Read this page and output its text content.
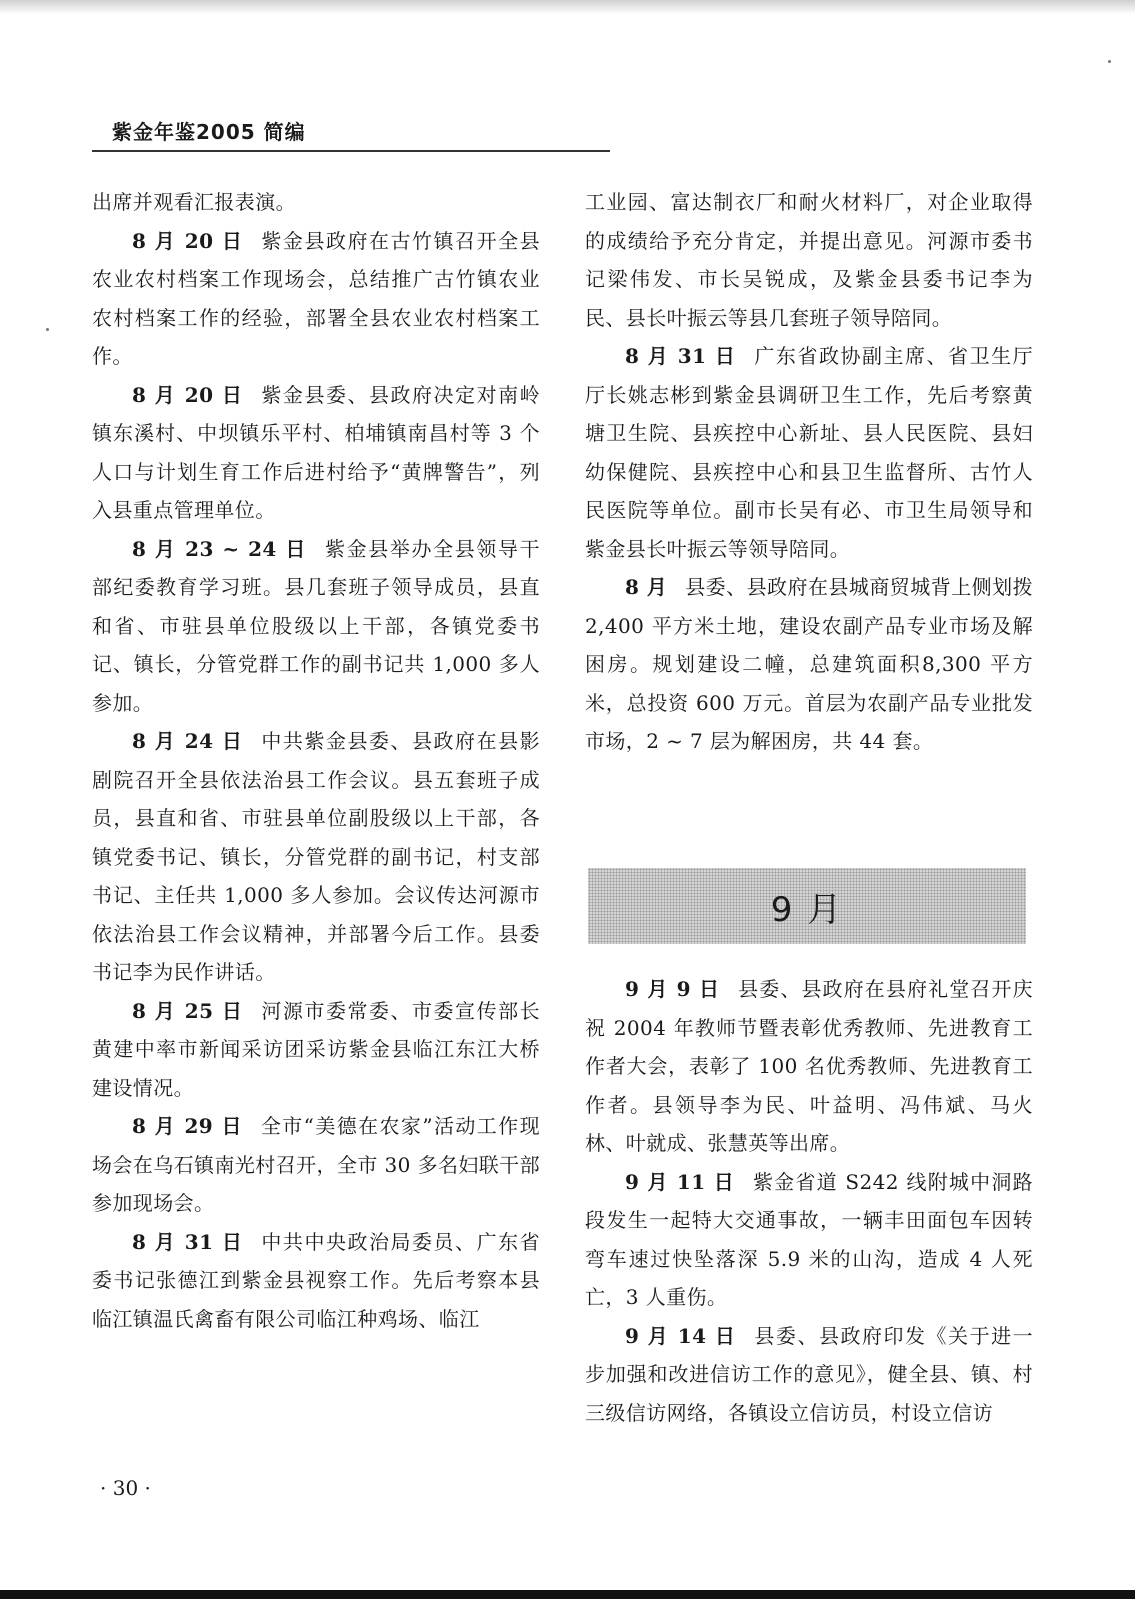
紫金年鉴2005 简编

出席并观看汇报表演。

8 月 20 日 紫金县政府在古竹镇召开全县农业农村档案工作现场会，总结推广古竹镇农业农村档案工作的经验，部署全县农业农村档案工作。

8 月 20 日 紫金县委、县政府决定对南岭镇东溪村、中坝镇乐平村、柏埔镇南昌村等 3 个人口与计划生育工作后进村给予“黄牌警告”，列入县重点管理单位。

8 月 23 ~ 24 日 紫金县举办全县领导干部纪委教育学习班。县几套班子领导成员，县直和省、市驻县单位股级以上干部，各镇党委书记、镇长，分管党群工作的副书记共 1,000 多人参加。

8 月 24 日 中共紫金县委、县政府在县影剧院召开全县依法治县工作会议。县五套班子成员，县直和省、市驻县单位副股级以上干部，各镇党委书记、镇长，分管党群的副书记，村支部书记、主任共 1,000 多人参加。会议传达河源市依法治县工作会议精神，并部署今后工作。县委书记李为民作讲话。

8 月 25 日 河源市委常委、市委宣传部长黄建中率市新闻采访团采访紫金县临江东江大桥建设情况。

8 月 29 日 全市“美德在农家”活动工作现场会在乌石镇南光村召开，全市 30 多名妇联干部参加现场会。

8 月 31 日 中共中央政治局委员、广东省委书记张德江到紫金县视察工作。先后考察本县临江镇温氏禽畜有限公司临江种鸡场、临江

工业园、富达制衣厂和耐火材料厂，对企业取得的成绩给予充分肯定，并提出意见。河源市委书记梁伟发、市长吴锐成，及紫金县委书记李为民、县长叶振云等县几套班子领导陪同。

8 月 31 日 广东省政协副主席、省卫生厅厅长姚志彬到紫金县调研卫生工作，先后考察黄塘卫生院、县疾控中心新址、县人民医院、县妇幼保健院、县疾控中心和县卫生监督所、古竹人民医院等单位。副市长吴有必、市卫生局领导和紫金县长叶振云等领导陪同。

8 月 县委、县政府在县城商贸城背上侧划拨 2,400 平方米土地，建设农副产品专业市场及解困房。规划建设二幢，总建筑面积8,300 平方米，总投资 600 万元。首层为农副产品专业批发市场，2 ~ 7 层为解困房，共 44 套。

9 月

9 月 9 日 县委、县政府在县府礼堂召开庆祝 2004 年教师节暨表彰优秀教师、先进教育工作者大会，表彰了 100 名优秀教师、先进教育工作者。县领导李为民、叶益明、冯伟斌、马火林、叶就成、张慧英等出席。

9 月 11 日 紫金省道 S242 线附城中洞路段发生一起特大交通事故，一辆丰田面包车因转弯车速过快坠落深 5.9 米的山沟，造成 4 人死亡，3 人重伤。

9 月 14 日 县委、县政府印发《关于进一步加强和改进信访工作的意见》，健全县、镇、村三级信访网络，各镇设立信访员，村设立信访

· 30 ·
